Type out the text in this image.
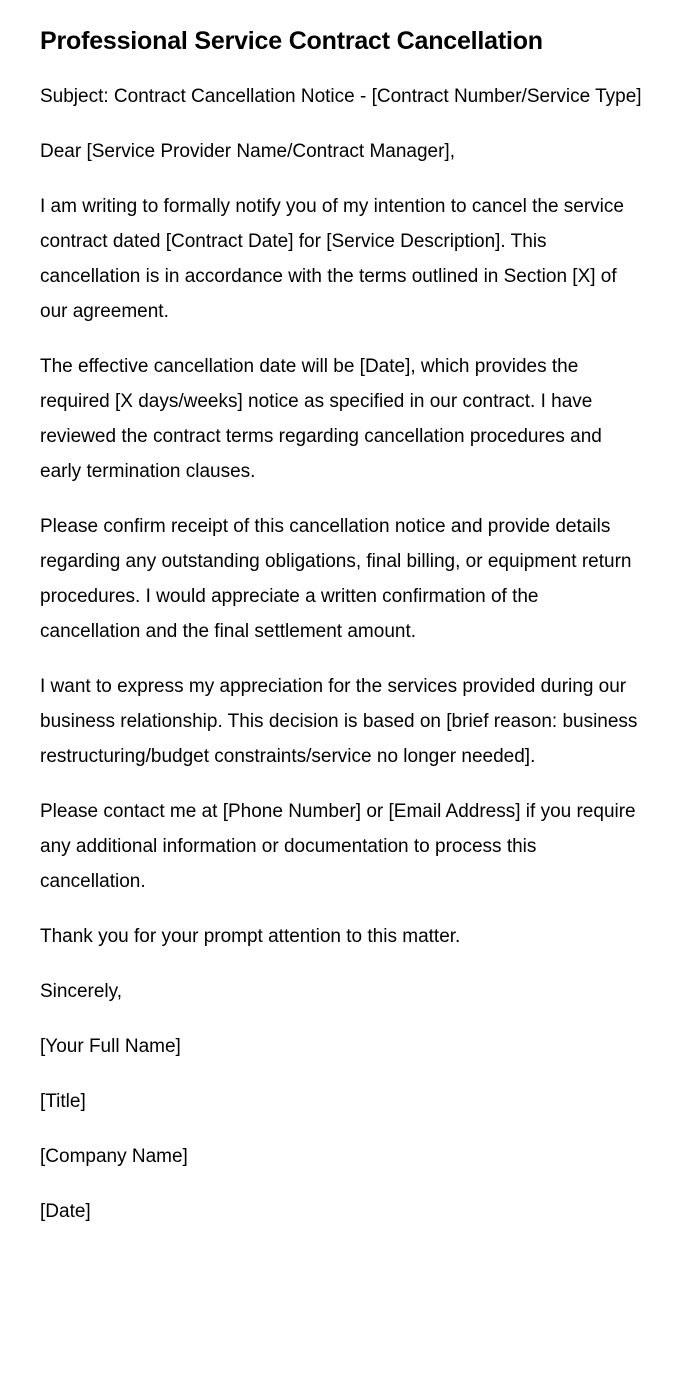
Professional Service Contract Cancellation

Subject: Contract Cancellation Notice - [Contract Number/Service Type]

Dear [Service Provider Name/Contract Manager],

I am writing to formally notify you of my intention to cancel the service contract dated [Contract Date] for [Service Description]. This cancellation is in accordance with the terms outlined in Section [X] of our agreement.

The effective cancellation date will be [Date], which provides the required [X days/weeks] notice as specified in our contract. I have reviewed the contract terms regarding cancellation procedures and early termination clauses.

Please confirm receipt of this cancellation notice and provide details regarding any outstanding obligations, final billing, or equipment return procedures. I would appreciate a written confirmation of the cancellation and the final settlement amount.

I want to express my appreciation for the services provided during our business relationship. This decision is based on [brief reason: business restructuring/budget constraints/service no longer needed].

Please contact me at [Phone Number] or [Email Address] if you require any additional information or documentation to process this cancellation.

Thank you for your prompt attention to this matter.

Sincerely,

[Your Full Name]

[Title]

[Company Name]

[Date]
